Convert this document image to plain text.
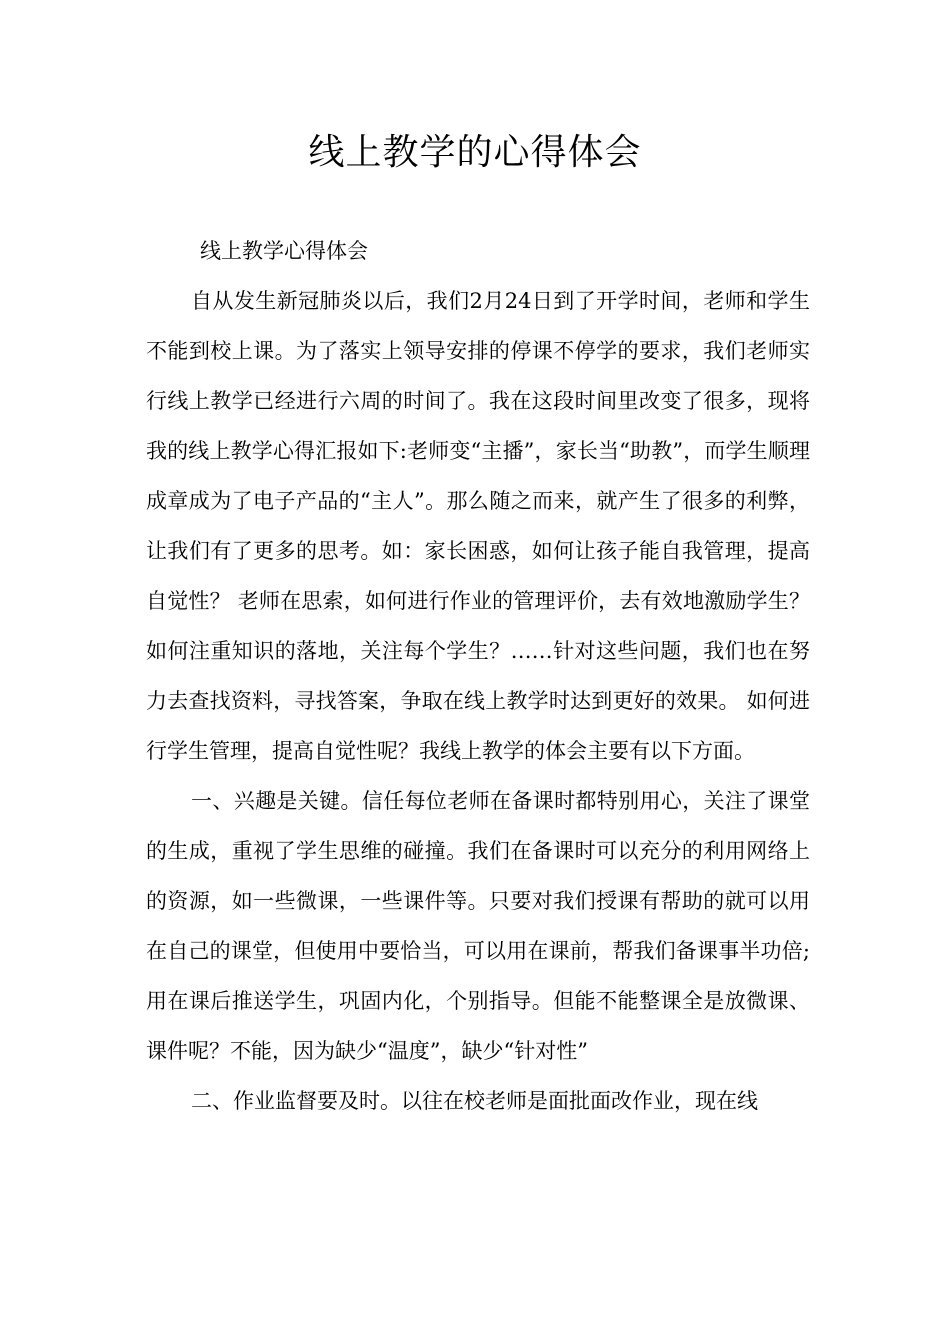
线上教学的心得体会
线上教学心得体会

自从发生新冠肺炎以后，我们2月24日到了开学时间，老师和学生不能到校上课。为了落实上领导安排的停课不停学的要求，我们老师实行线上教学已经进行六周的时间了。我在这段时间里改变了很多，现将我的线上教学心得汇报如下:老师变“主播”，家长当“助教”，而学生顺理成章成为了电子产品的“主人”。那么随之而来，就产生了很多的利弊，让我们有了更多的思考。如：家长困惑，如何让孩子能自我管理，提高自觉性？ 老师在思索，如何进行作业的管理评价，去有效地激励学生？如何注重知识的落地，关注每个学生？……针对这些问题，我们也在努力去查找资料，寻找答案，争取在线上教学时达到更好的效果。 如何进行学生管理，提高自觉性呢？我线上教学的体会主要有以下方面。

一、兴趣是关键。信任每位老师在备课时都特别用心，关注了课堂的生成，重视了学生思维的碰撞。我们在备课时可以充分的利用网络上的资源，如一些微课，一些课件等。只要对我们授课有帮助的就可以用在自己的课堂，但使用中要恰当，可以用在课前，帮我们备课事半功倍;用在课后推送学生，巩固内化，个别指导。但能不能整课全是放微课、课件呢？不能，因为缺少“温度”，缺少“针对性”

二、作业监督要及时。以往在校老师是面批面改作业，现在线
